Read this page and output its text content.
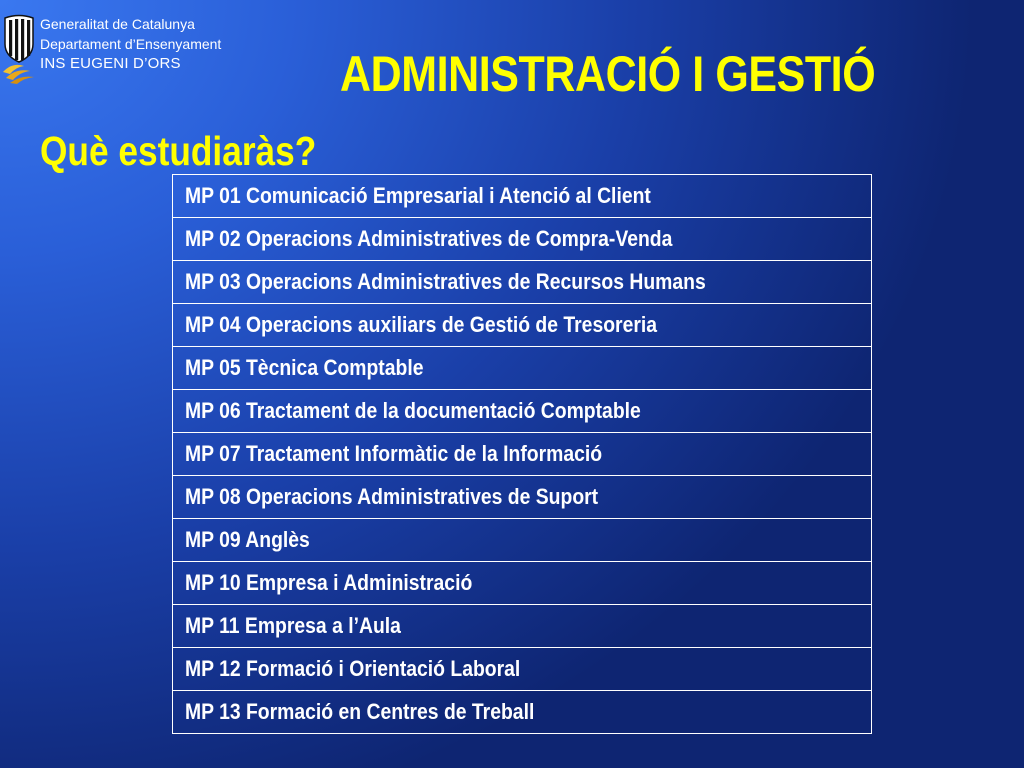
Generalitat de Catalunya
Departament d’Ensenyament
INS EUGENI D’ORS	ADMINISTRACIÓ I GESTIÓ
Què estudiaràs?
MP 01 Comunicació Empresarial i Atenció al Client
MP 02 Operacions Administratives de Compra-Venda
MP 03 Operacions Administratives de Recursos Humans
MP 04 Operacions auxiliars de Gestió de Tresoreria
MP 05 Tècnica Comptable
MP 06 Tractament de la documentació Comptable
MP 07 Tractament Informàtic de la Informació
MP 08 Operacions Administratives de Suport
MP 09 Anglès
MP 10 Empresa i Administració
MP 11 Empresa a l’Aula
MP 12 Formació i Orientació Laboral
MP 13 Formació en Centres de Treball
